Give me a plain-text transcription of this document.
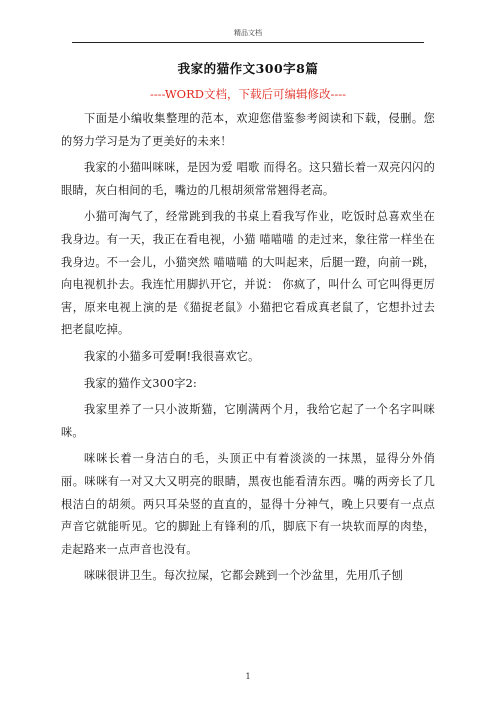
精品文档
我家的猫作文300字8篇
----WORD文档，下载后可编辑修改----

下面是小编收集整理的范本，欢迎您借鉴参考阅读和下载，侵删。您的努力学习是为了更美好的未来！

我家的小猫叫咪咪，是因为爱 唱歌 而得名。这只猫长着一双亮闪闪的眼睛，灰白相间的毛，嘴边的几根胡须常常翘得老高。

小猫可淘气了，经常跳到我的书桌上看我写作业，吃饭时总喜欢坐在我身边。有一天，我正在看电视，小猫 喵喵喵 的走过来，象往常一样坐在我身边。不一会儿，小猫突然 喵喵喵 的大叫起来，后腿一蹬，向前一跳，向电视机扑去。我连忙用脚扒开它，并说： 你疯了，叫什么 可它叫得更厉害，原来电视上演的是《猫捉老鼠》小猫把它看成真老鼠了，它想扑过去把老鼠吃掉。

我家的小猫多可爱啊!我很喜欢它。

我家的猫作文300字2:

我家里养了一只小波斯猫，它刚满两个月，我给它起了一个名字叫咪咪。

咪咪长着一身洁白的毛，头顶正中有着淡淡的一抹黑，显得分外俏丽。咪咪有一对又大又明亮的眼睛，黑夜也能看清东西。嘴的两旁长了几根洁白的胡须。两只耳朵竖的直直的，显得十分神气，晚上只要有一点点声音它就能听见。它的脚趾上有锋利的爪，脚底下有一块软而厚的肉垫，走起路来一点声音也没有。

咪咪很讲卫生。每次拉屎，它都会跳到一个沙盆里，先用爪子刨

1
